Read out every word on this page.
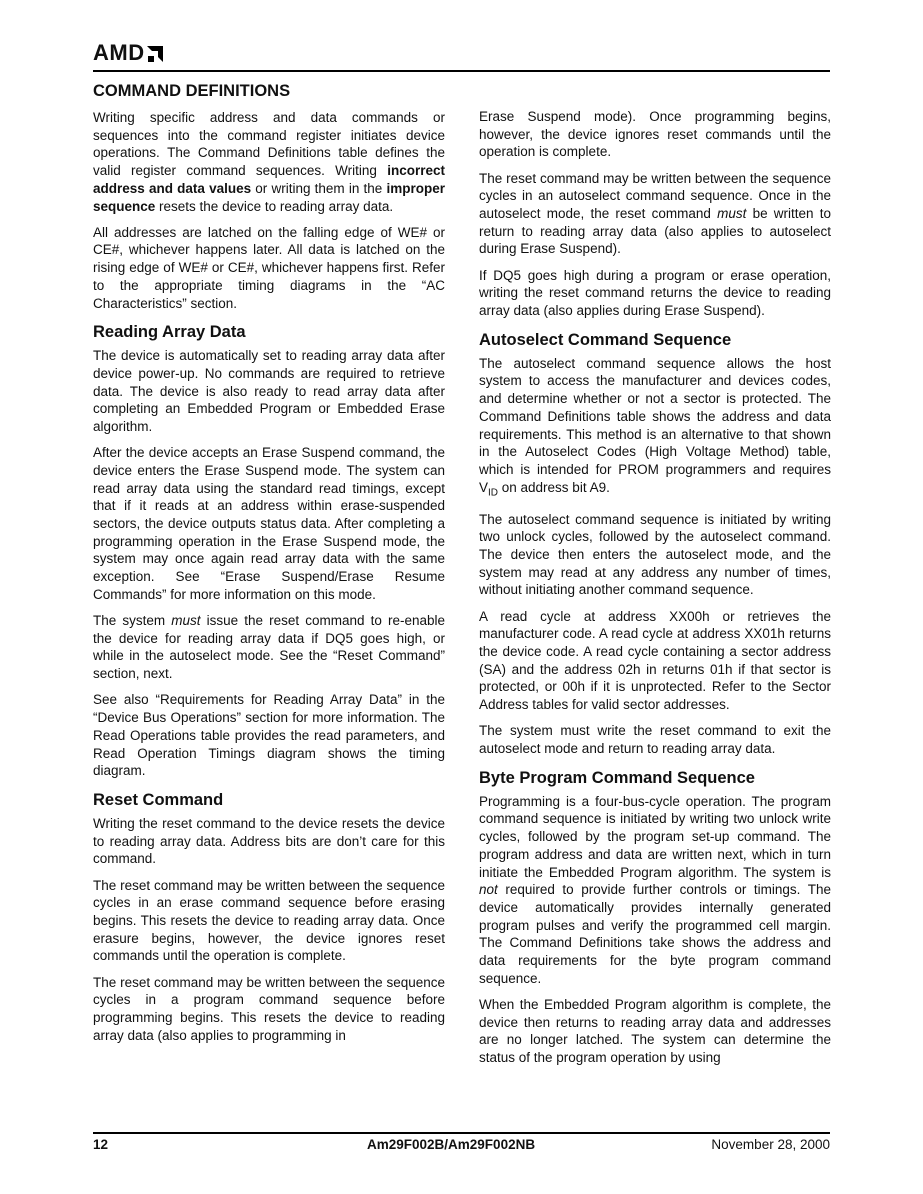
AMD
COMMAND DEFINITIONS

Writing specific address and data commands or sequences into the command register initiates device operations. The Command Definitions table defines the valid register command sequences. Writing incorrect address and data values or writing them in the improper sequence resets the device to reading array data.

All addresses are latched on the falling edge of WE# or CE#, whichever happens later. All data is latched on the rising edge of WE# or CE#, whichever happens first. Refer to the appropriate timing diagrams in the “AC Characteristics” section.

Reading Array Data

The device is automatically set to reading array data after device power-up. No commands are required to retrieve data. The device is also ready to read array data after completing an Embedded Program or Embedded Erase algorithm.

After the device accepts an Erase Suspend command, the device enters the Erase Suspend mode. The system can read array data using the standard read timings, except that if it reads at an address within erase-suspended sectors, the device outputs status data. After completing a programming operation in the Erase Suspend mode, the system may once again read array data with the same exception. See “Erase Suspend/Erase Resume Commands” for more information on this mode.

The system must issue the reset command to re-enable the device for reading array data if DQ5 goes high, or while in the autoselect mode. See the “Reset Command” section, next.

See also “Requirements for Reading Array Data” in the “Device Bus Operations” section for more information. The Read Operations table provides the read parameters, and Read Operation Timings diagram shows the timing diagram.

Reset Command

Writing the reset command to the device resets the device to reading array data. Address bits are don’t care for this command.

The reset command may be written between the sequence cycles in an erase command sequence before erasing begins. This resets the device to reading array data. Once erasure begins, however, the device ignores reset commands until the operation is complete.

The reset command may be written between the sequence cycles in a program command sequence before programming begins. This resets the device to reading array data (also applies to programming in

Erase Suspend mode). Once programming begins, however, the device ignores reset commands until the operation is complete.

The reset command may be written between the sequence cycles in an autoselect command sequence. Once in the autoselect mode, the reset command must be written to return to reading array data (also applies to autoselect during Erase Suspend).

If DQ5 goes high during a program or erase operation, writing the reset command returns the device to reading array data (also applies during Erase Suspend).

Autoselect Command Sequence

The autoselect command sequence allows the host system to access the manufacturer and devices codes, and determine whether or not a sector is protected. The Command Definitions table shows the address and data requirements. This method is an alternative to that shown in the Autoselect Codes (High Voltage Method) table, which is intended for PROM programmers and requires $V_{ID}$ on address bit A9.

The autoselect command sequence is initiated by writing two unlock cycles, followed by the autoselect command. The device then enters the autoselect mode, and the system may read at any address any number of times, without initiating another command sequence.

A read cycle at address XX00h or retrieves the manufacturer code. A read cycle at address XX01h returns the device code. A read cycle containing a sector address (SA) and the address 02h in returns 01h if that sector is protected, or 00h if it is unprotected. Refer to the Sector Address tables for valid sector addresses.

The system must write the reset command to exit the autoselect mode and return to reading array data.

Byte Program Command Sequence

Programming is a four-bus-cycle operation. The program command sequence is initiated by writing two unlock write cycles, followed by the program set-up command. The program address and data are written next, which in turn initiate the Embedded Program algorithm. The system is not required to provide further controls or timings. The device automatically provides internally generated program pulses and verify the programmed cell margin. The Command Definitions take shows the address and data requirements for the byte program command sequence.

When the Embedded Program algorithm is complete, the device then returns to reading array data and addresses are no longer latched. The system can determine the status of the program operation by using

12	Am29F002B/Am29F002NB	November 28, 2000
